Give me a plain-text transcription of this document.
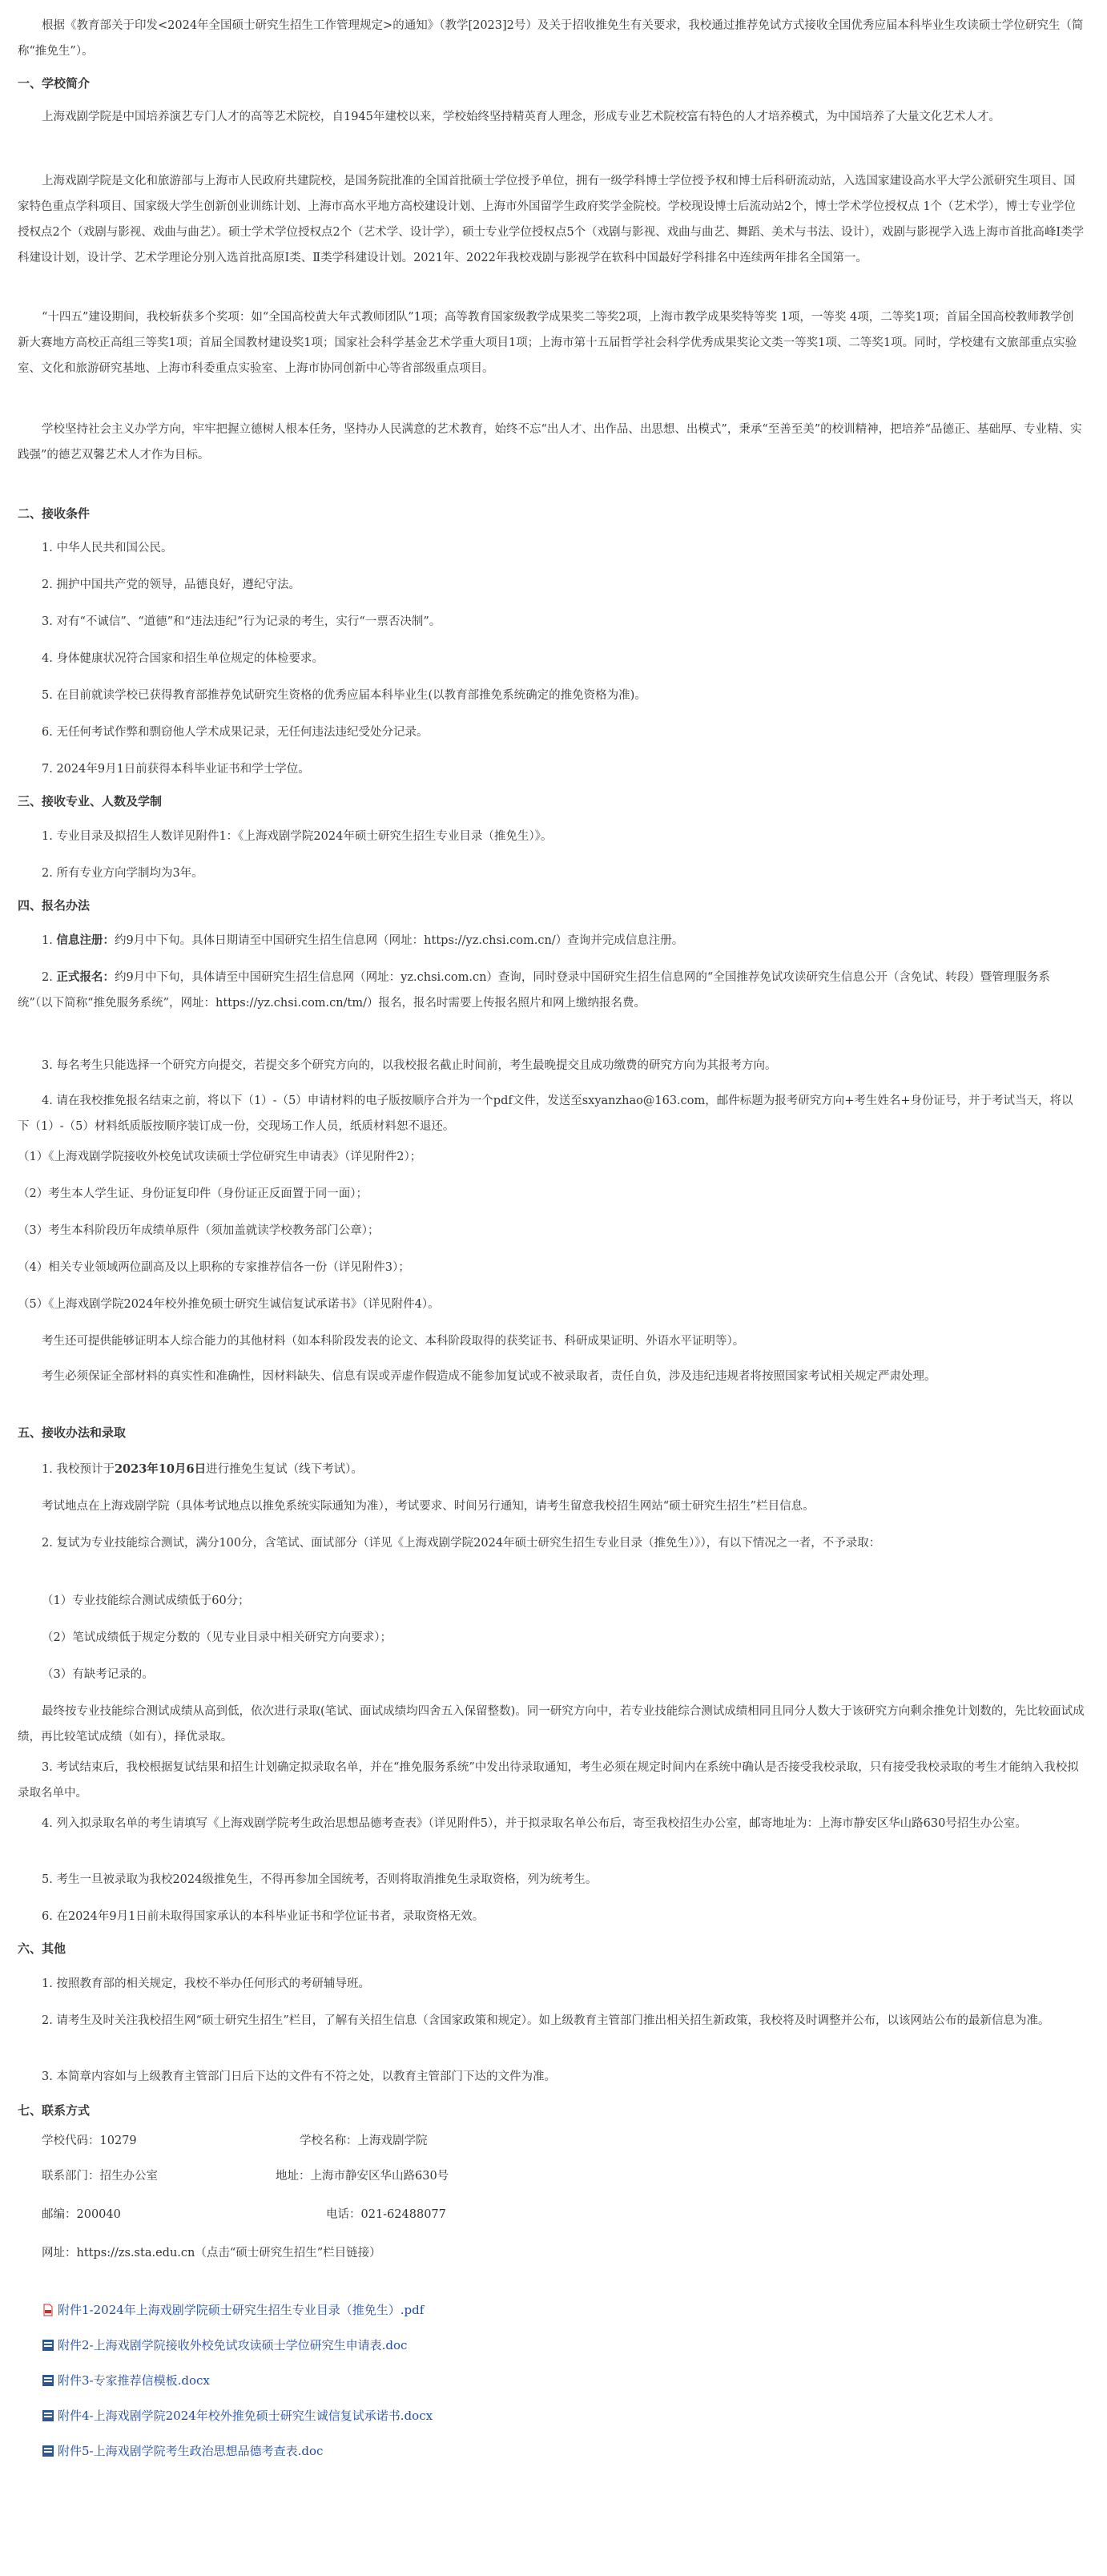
根据《教育部关于印发<2024年全国硕士研究生招生工作管理规定>的通知》（教学[2023]2号）及关于招收推免生有关要求，我校通过推荐免试方式接收全国优秀应届本科毕业生攻读硕士学位研究生（简称“推免生”）。
一、学校简介
上海戏剧学院是中国培养演艺专门人才的高等艺术院校，自1945年建校以来，学校始终坚持精英育人理念，形成专业艺术院校富有特色的人才培养模式，为中国培养了大量文化艺术人才。
上海戏剧学院是文化和旅游部与上海市人民政府共建院校，是国务院批准的全国首批硕士学位授予单位，拥有一级学科博士学位授予权和博士后科研流动站，入选国家建设高水平大学公派研究生项目、国家特色重点学科项目、国家级大学生创新创业训练计划、上海市高水平地方高校建设计划、上海市外国留学生政府奖学金院校。学校现设博士后流动站2个，博士学术学位授权点 1个（艺术学），博士专业学位授权点2个（戏剧与影视、戏曲与曲艺）。硕士学术学位授权点2个（艺术学、设计学），硕士专业学位授权点5个（戏剧与影视、戏曲与曲艺、舞蹈、美术与书法、设计），戏剧与影视学入选上海市首批高峰Ⅰ类学科建设计划，设计学、艺术学理论分别入选首批高原Ⅰ类、Ⅱ类学科建设计划。2021年、2022年我校戏剧与影视学在软科中国最好学科排名中连续两年排名全国第一。
“十四五”建设期间，我校斩获多个奖项：如“全国高校黄大年式教师团队”1项；高等教育国家级教学成果奖二等奖2项，上海市教学成果奖特等奖 1项，一等奖 4项，二等奖1项；首届全国高校教师教学创新大赛地方高校正高组三等奖1项；首届全国教材建设奖1项；国家社会科学基金艺术学重大项目1项；上海市第十五届哲学社会科学优秀成果奖论文类一等奖1项、二等奖1项。同时，学校建有文旅部重点实验室、文化和旅游研究基地、上海市科委重点实验室、上海市协同创新中心等省部级重点项目。
学校坚持社会主义办学方向，牢牢把握立德树人根本任务，坚持办人民满意的艺术教育，始终不忘“出人才、出作品、出思想、出模式”，秉承“至善至美”的校训精神，把培养“品德正、基础厚、专业精、实践强”的德艺双馨艺术人才作为目标。
二、接收条件
1. 中华人民共和国公民。
2. 拥护中国共产党的领导，品德良好，遵纪守法。
3. 对有“不诚信”、“道德”和“违法违纪”行为记录的考生，实行“一票否决制”。
4. 身体健康状况符合国家和招生单位规定的体检要求。
5. 在目前就读学校已获得教育部推荐免试研究生资格的优秀应届本科毕业生(以教育部推免系统确定的推免资格为准)。
6. 无任何考试作弊和剽窃他人学术成果记录，无任何违法违纪受处分记录。
7. 2024年9月1日前获得本科毕业证书和学士学位。
三、接收专业、人数及学制
1. 专业目录及拟招生人数详见附件1：《上海戏剧学院2024年硕士研究生招生专业目录（推免生）》。
2. 所有专业方向学制均为3年。
四、报名办法
1. 信息注册：约9月中下旬。具体日期请至中国研究生招生信息网（网址：https://yz.chsi.com.cn/）查询并完成信息注册。
2. 正式报名：约9月中下旬，具体请至中国研究生招生信息网（网址：yz.chsi.com.cn）查询，同时登录中国研究生招生信息网的“全国推荐免试攻读研究生信息公开（含免试、转段）暨管理服务系统”（以下简称“推免服务系统”，网址：https://yz.chsi.com.cn/tm/）报名，报名时需要上传报名照片和网上缴纳报名费。
3. 每名考生只能选择一个研究方向提交，若提交多个研究方向的，以我校报名截止时间前，考生最晚提交且成功缴费的研究方向为其报考方向。
4. 请在我校推免报名结束之前，将以下（1）-（5）申请材料的电子版按顺序合并为一个pdf文件，发送至sxyanzhao@163.com，邮件标题为报考研究方向+考生姓名+身份证号，并于考试当天，将以下（1）-（5）材料纸质版按顺序装订成一份，交现场工作人员，纸质材料恕不退还。
（1）《上海戏剧学院接收外校免试攻读硕士学位研究生申请表》（详见附件2）；
（2）考生本人学生证、身份证复印件（身份证正反面置于同一面）；
（3）考生本科阶段历年成绩单原件（须加盖就读学校教务部门公章）；
（4）相关专业领域两位副高及以上职称的专家推荐信各一份（详见附件3）；
（5）《上海戏剧学院2024年校外推免硕士研究生诚信复试承诺书》（详见附件4）。
考生还可提供能够证明本人综合能力的其他材料（如本科阶段发表的论文、本科阶段取得的获奖证书、科研成果证明、外语水平证明等）。
考生必须保证全部材料的真实性和准确性，因材料缺失、信息有误或弄虚作假造成不能参加复试或不被录取者，责任自负，涉及违纪违规者将按照国家考试相关规定严肃处理。
五、接收办法和录取
1. 我校预计于2023年10月6日进行推免生复试（线下考试）。
考试地点在上海戏剧学院（具体考试地点以推免系统实际通知为准），考试要求、时间另行通知，请考生留意我校招生网站“硕士研究生招生”栏目信息。
2. 复试为专业技能综合测试，满分100分，含笔试、面试部分（详见《上海戏剧学院2024年硕士研究生招生专业目录（推免生）》），有以下情况之一者，不予录取：
（1）专业技能综合测试成绩低于60分；
（2）笔试成绩低于规定分数的（见专业目录中相关研究方向要求）；
（3）有缺考记录的。
最终按专业技能综合测试成绩从高到低，依次进行录取(笔试、面试成绩均四舍五入保留整数)。同一研究方向中，若专业技能综合测试成绩相同且同分人数大于该研究方向剩余推免计划数的，先比较面试成绩，再比较笔试成绩（如有），择优录取。
3. 考试结束后，我校根据复试结果和招生计划确定拟录取名单，并在“推免服务系统”中发出待录取通知，考生必须在规定时间内在系统中确认是否接受我校录取，只有接受我校录取的考生才能纳入我校拟录取名单中。
4. 列入拟录取名单的考生请填写《上海戏剧学院考生政治思想品德考查表》（详见附件5），并于拟录取名单公布后，寄至我校招生办公室，邮寄地址为：上海市静安区华山路630号招生办公室。
5. 考生一旦被录取为我校2024级推免生，不得再参加全国统考，否则将取消推免生录取资格，列为统考生。
6. 在2024年9月1日前未取得国家承认的本科毕业证书和学位证书者，录取资格无效。
六、其他
1. 按照教育部的相关规定，我校不举办任何形式的考研辅导班。
2. 请考生及时关注我校招生网“硕士研究生招生”栏目，了解有关招生信息（含国家政策和规定）。如上级教育主管部门推出相关招生新政策，我校将及时调整并公布，以该网站公布的最新信息为准。
3. 本简章内容如与上级教育主管部门日后下达的文件有不符之处，以教育主管部门下达的文件为准。
七、联系方式
学校代码：10279	学校名称：上海戏剧学院
联系部门：招生办公室	地址：上海市静安区华山路630号
邮编：200040	电话：021-62488077
网址：https://zs.sta.edu.cn（点击“硕士研究生招生”栏目链接）
附件1-2024年上海戏剧学院硕士研究生招生专业目录（推免生）.pdf
附件2-上海戏剧学院接收外校免试攻读硕士学位研究生申请表.doc
附件3-专家推荐信模板.docx
附件4-上海戏剧学院2024年校外推免硕士研究生诚信复试承诺书.docx
附件5-上海戏剧学院考生政治思想品德考查表.doc
